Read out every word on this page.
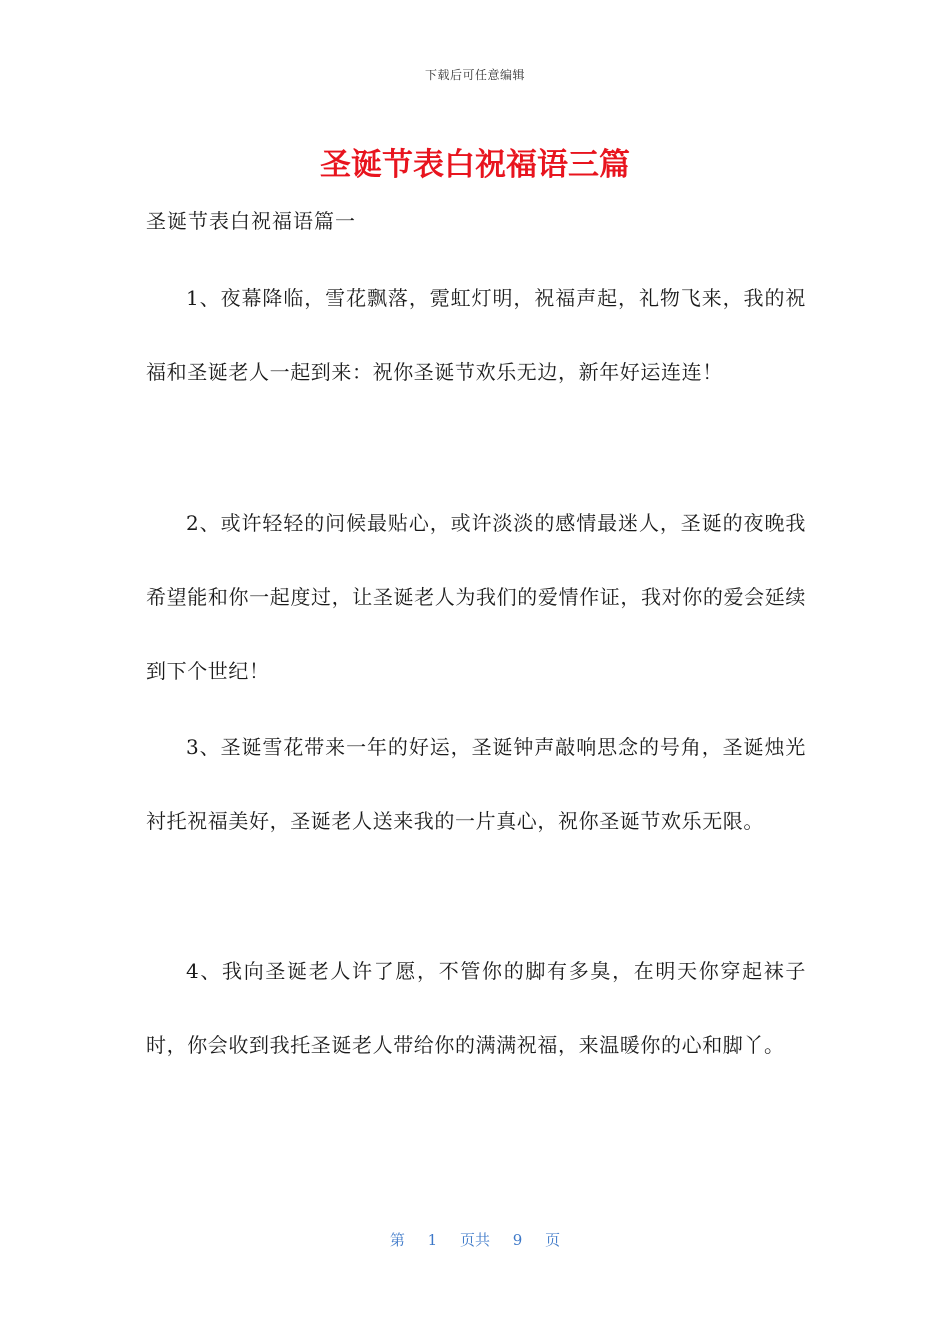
下载后可任意编辑
圣诞节表白祝福语三篇
圣诞节表白祝福语篇一

1、夜幕降临，雪花飘落，霓虹灯明，祝福声起，礼物飞来，我的祝福和圣诞老人一起到来：祝你圣诞节欢乐无边，新年好运连连！

2、或许轻轻的问候最贴心，或许淡淡的感情最迷人，圣诞的夜晚我希望能和你一起度过，让圣诞老人为我们的爱情作证，我对你的爱会延续到下个世纪！

3、圣诞雪花带来一年的好运，圣诞钟声敲响思念的号角，圣诞烛光衬托祝福美好，圣诞老人送来我的一片真心，祝你圣诞节欢乐无限。

4、我向圣诞老人许了愿，不管你的脚有多臭，在明天你穿起袜子时，你会收到我托圣诞老人带给你的满满祝福，来温暖你的心和脚丫。

第 1 页共 9 页
